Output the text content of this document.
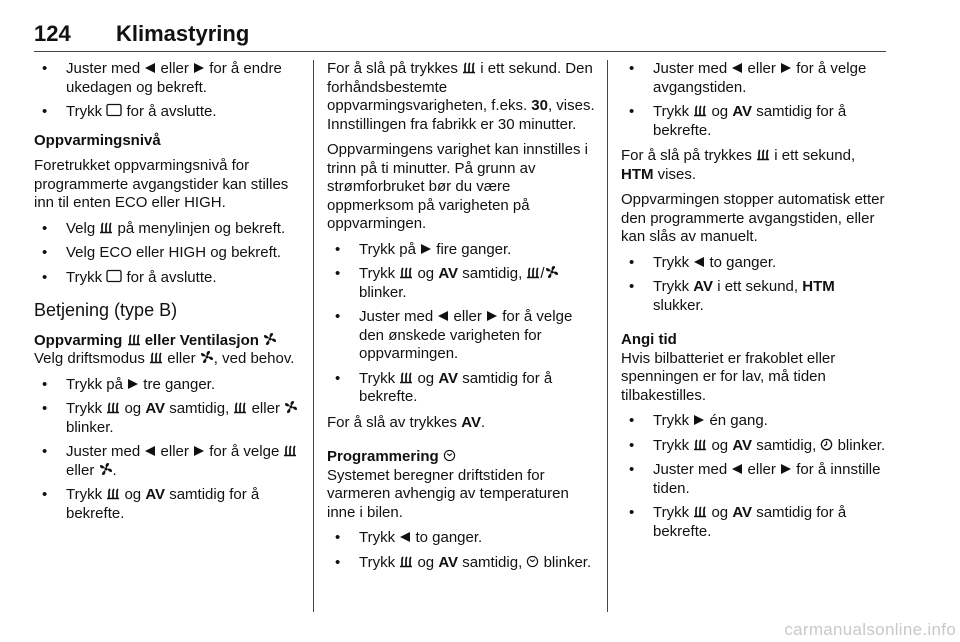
124	Klimastyring
• Juster med eller for å endre ukedagen og bekreft.
• Trykk for å avslutte.

Oppvarmingsnivå

Foretrukket oppvarmingsnivå for programmerte avgangstider kan stilles inn til enten ECO eller HIGH.

• Velg på menylinjen og bekreft.
• Velg ECO eller HIGH og bekreft.
• Trykk for å avslutte.

Betjening (type B)

Oppvarming eller Ventilasjon

Velg driftsmodus eller , ved behov.

• Trykk på tre ganger.
• Trykk og AV samtidig, eller  blinker.
• Juster med eller for å velge  eller .
• Trykk og AV samtidig for å bekrefte.

For å slå på trykkes i ett sekund. Den forhåndsbestemte oppvarmingsvarigheten, f.eks. 30, vises. Innstillingen fra fabrikk er 30 minutter.

Oppvarmingens varighet kan innstilles i trinn på ti minutter. På grunn av strømforbruket bør du være oppmerksom på varigheten på oppvarmingen.

• Trykk på fire ganger.
• Trykk og AV samtidig, / blinker.
• Juster med eller for å velge den ønskede varigheten for oppvarmingen.
• Trykk og AV samtidig for å bekrefte.

For å slå av trykkes AV.

Programmering

Systemet beregner driftstiden for varmeren avhengig av temperaturen inne i bilen.

• Trykk to ganger.
• Trykk og AV samtidig, blinker.
• Juster med eller for å velge avgangstiden.
• Trykk og AV samtidig for å bekrefte.

For å slå på trykkes i ett sekund, HTM vises.

Oppvarmingen stopper automatisk etter den programmerte avgangstiden, eller kan slås av manuelt.

• Trykk to ganger.
• Trykk AV i ett sekund, HTM slukker.

Angi tid

Hvis bilbatteriet er frakoblet eller spenningen er for lav, må tiden tilbakestilles.

• Trykk én gang.
• Trykk og AV samtidig, blinker.
• Juster med eller for å innstille tiden.
• Trykk og AV samtidig for å bekrefte.
carmanualsonline.info
